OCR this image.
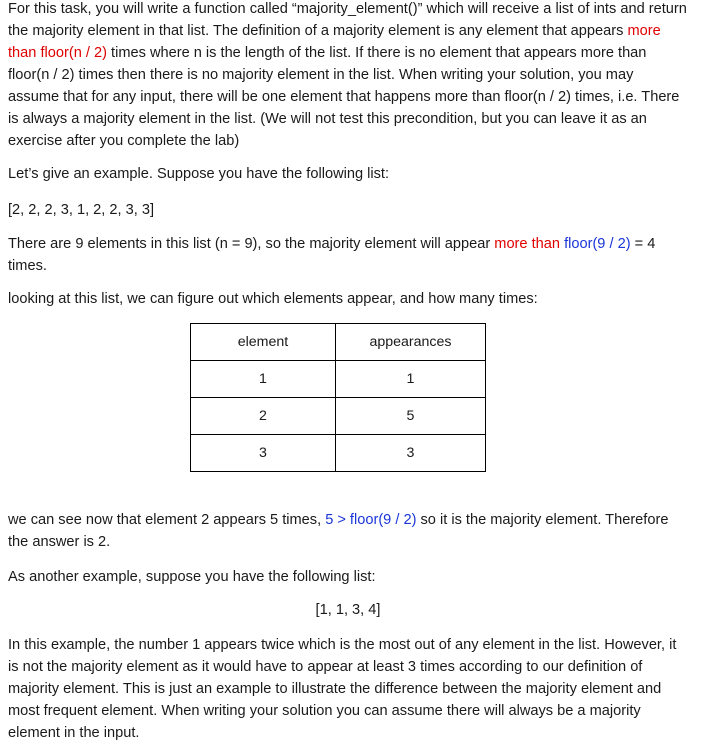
For this task, you will write a function called “majority_element()” which will receive a list of ints and return the majority element in that list. The definition of a majority element is any element that appears more than floor(n / 2) times where n is the length of the list. If there is no element that appears more than floor(n / 2) times then there is no majority element in the list. When writing your solution, you may assume that for any input, there will be one element that happens more than floor(n / 2) times, i.e. There is always a majority element in the list. (We will not test this precondition, but you can leave it as an exercise after you complete the lab)

Let’s give an example. Suppose you have the following list:

[2, 2, 2, 3, 1, 2, 2, 3, 3]

There are 9 elements in this list (n = 9), so the majority element will appear more than floor(9 / 2) = 4 times.

looking at this list, we can figure out which elements appear, and how many times:

element	appearances
1	1
2	5
3	3

we can see now that element 2 appears 5 times, 5 > floor(9 / 2) so it is the majority element. Therefore the answer is 2.

As another example, suppose you have the following list:

[1, 1, 3, 4]

In this example, the number 1 appears twice which is the most out of any element in the list. However, it is not the majority element as it would have to appear at least 3 times according to our definition of majority element. This is just an example to illustrate the difference between the majority element and most frequent element. When writing your solution you can assume there will always be a majority element in the input.
